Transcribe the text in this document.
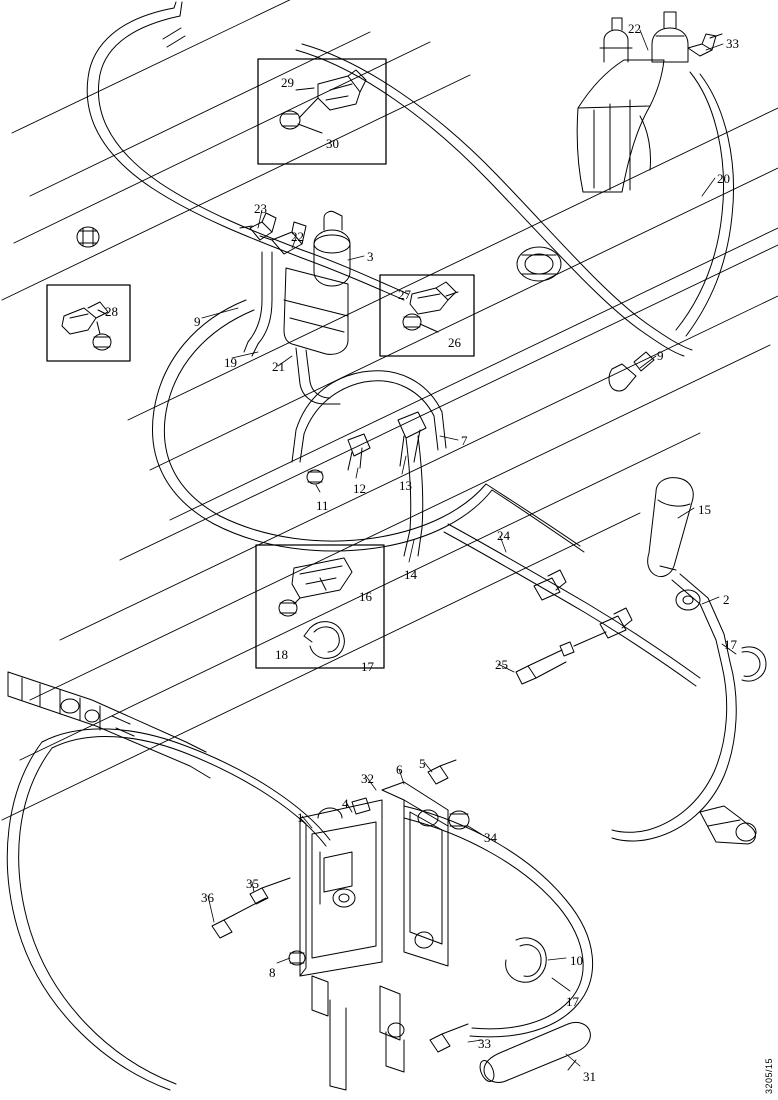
29
30
22
33
20
23
22
3
28
9
27
26
19	21
9
7
11
12	13
14
24
15
2
17
16
18
17	25
32
6 5
1
4
34
36
35
8
10
17
33
31	3205/15
